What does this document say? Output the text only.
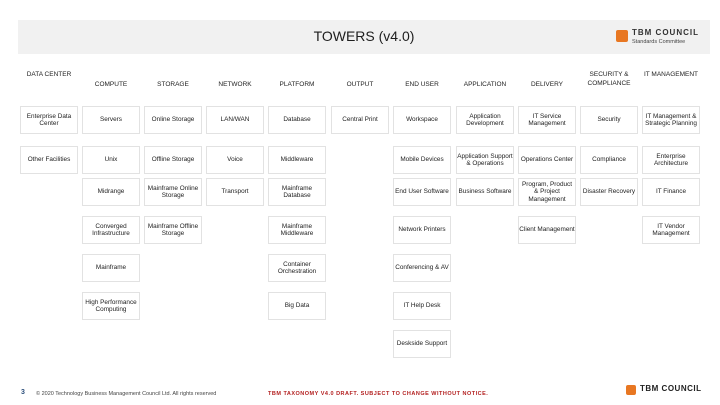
TOWERS (v4.0)	TBM COUNCIL
Standards Committee
DATA CENTER
Enterprise Data Center
Other Facilities
COMPUTE
Servers
Unix
Midrange
Converged Infrastructure
Mainframe
High Performance Computing
STORAGE
Online Storage
Offline Storage
Mainframe Online Storage
Mainframe Offline Storage
NETWORK
LAN/WAN
Voice
Transport
PLATFORM
Database
Middleware
Mainframe Database
Mainframe Middleware
Container Orchestration
Big Data
OUTPUT
Central Print
END USER
Workspace
Mobile Devices
End User Software
Network Printers
Conferencing & AV
IT Help Desk
Deskside Support
APPLICATION
Application Development
Application Support & Operations
Business Software
DELIVERY
IT Service Management
Operations Center
Program, Product & Project Management
Client Management
SECURITY & COMPLIANCE
Security
Compliance
Disaster Recovery
IT MANAGEMENT
IT Management & Strategic Planning
Enterprise Architecture
IT Finance
IT Vendor Management
3 © 2020 Technology Business Management Council Ltd. All rights reserved	TBM TAXONOMY V4.0 DRAFT. SUBJECT TO CHANGE WITHOUT NOTICE.
TBM COUNCIL
